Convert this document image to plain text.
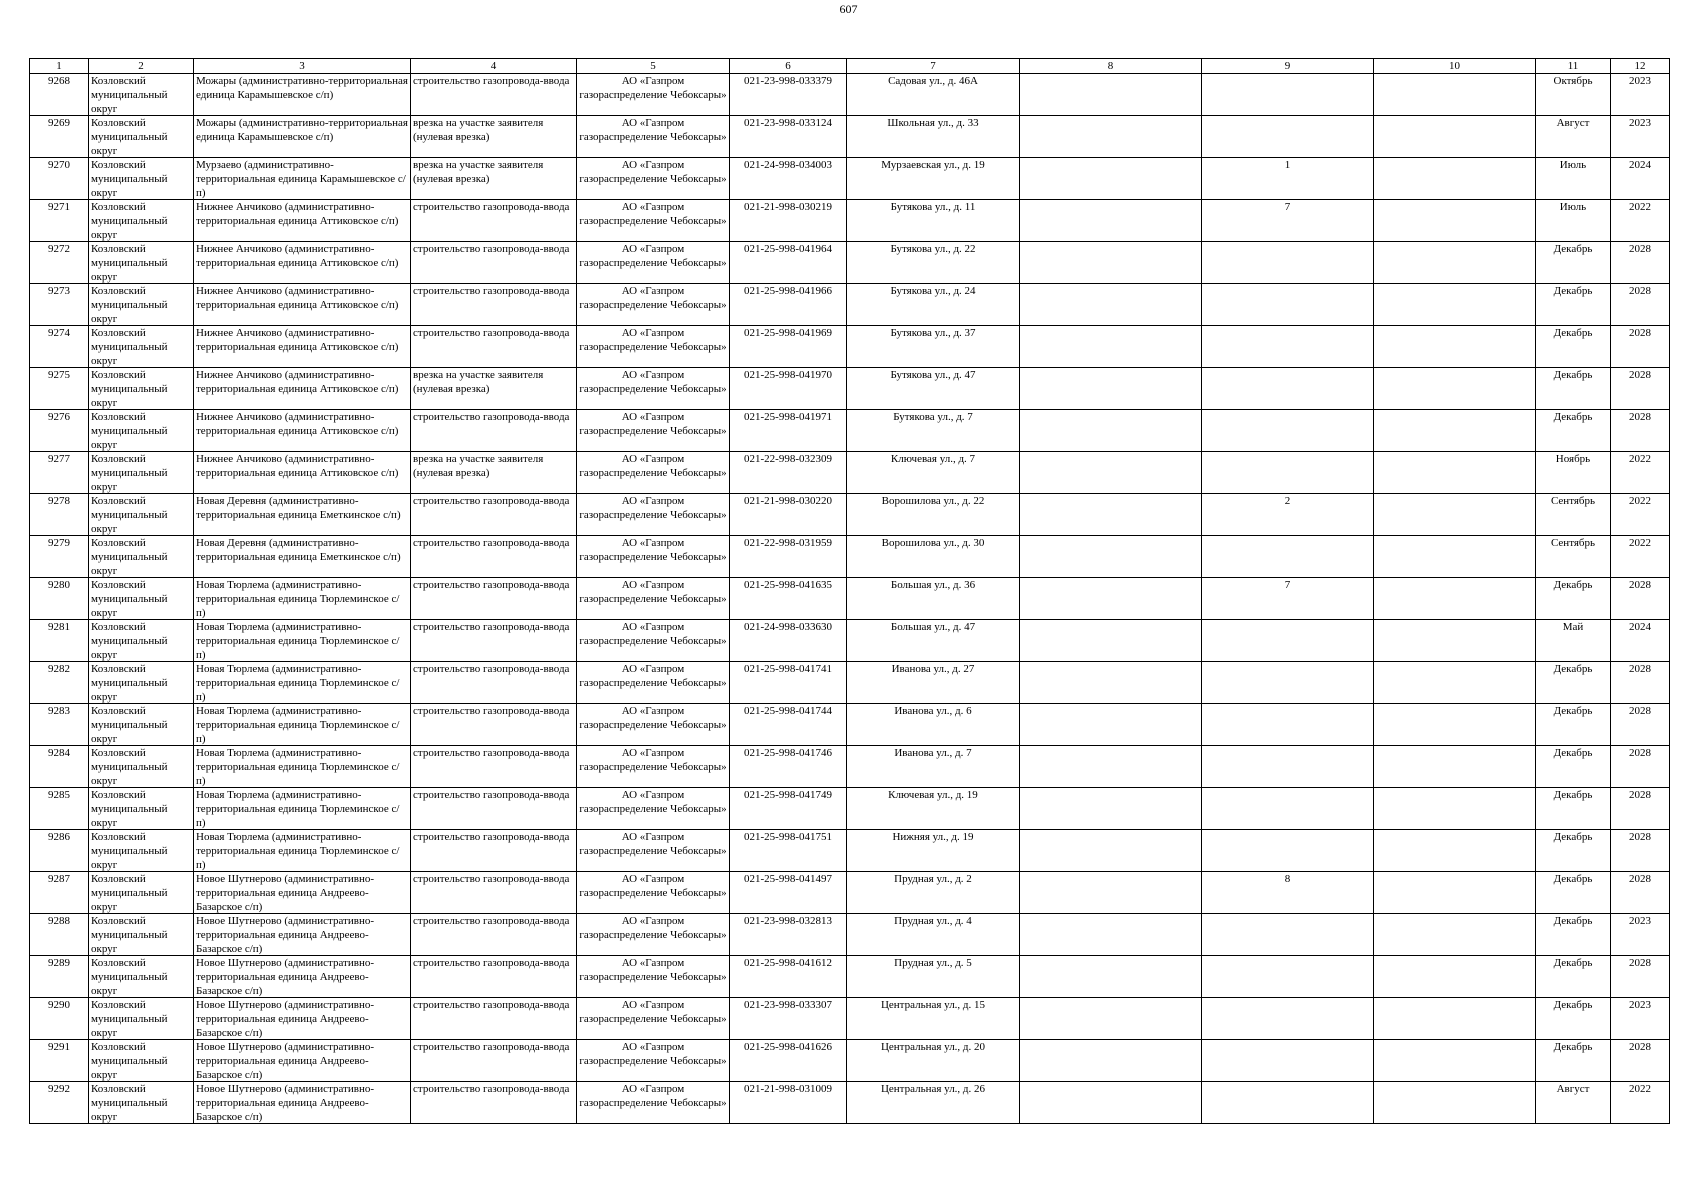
607
1	2	3	4	5	6	7	8	9	10	11	12

9268	Козловский муниципальный округ	Можары (административно-территориальная единица Карамышевское с/п)	строительство газопровода-ввода	АО «Газпром газораспределение Чебоксары»	021-23-998-033379	Садовая ул., д. 46А				Октябрь	2023

9269	Козловский муниципальный округ	Можары (административно-территориальная единица Карамышевское с/п)	врезка на участке заявителя (нулевая врезка)	АО «Газпром газораспределение Чебоксары»	021-23-998-033124	Школьная ул., д. 33				Август	2023

9270	Козловский муниципальный округ	Мурзаево (административно-территориальная единица Карамышевское с/п)	врезка на участке заявителя (нулевая врезка)	АО «Газпром газораспределение Чебоксары»	021-24-998-034003	Мурзаевская ул., д. 19		1		Июль	2024

9271	Козловский муниципальный округ	Нижнее Анчиково (административно-территориальная единица Аттиковское с/п)	строительство газопровода-ввода	АО «Газпром газораспределение Чебоксары»	021-21-998-030219	Бутякова ул., д. 11		7		Июль	2022

9272	Козловский муниципальный округ	Нижнее Анчиково (административно-территориальная единица Аттиковское с/п)	строительство газопровода-ввода	АО «Газпром газораспределение Чебоксары»	021-25-998-041964	Бутякова ул., д. 22				Декабрь	2028

9273	Козловский муниципальный округ	Нижнее Анчиково (административно-территориальная единица Аттиковское с/п)	строительство газопровода-ввода	АО «Газпром газораспределение Чебоксары»	021-25-998-041966	Бутякова ул., д. 24				Декабрь	2028

9274	Козловский муниципальный округ	Нижнее Анчиково (административно-территориальная единица Аттиковское с/п)	строительство газопровода-ввода	АО «Газпром газораспределение Чебоксары»	021-25-998-041969	Бутякова ул., д. 37				Декабрь	2028

9275	Козловский муниципальный округ	Нижнее Анчиково (административно-территориальная единица Аттиковское с/п)	врезка на участке заявителя (нулевая врезка)	АО «Газпром газораспределение Чебоксары»	021-25-998-041970	Бутякова ул., д. 47				Декабрь	2028

9276	Козловский муниципальный округ	Нижнее Анчиково (административно-территориальная единица Аттиковское с/п)	строительство газопровода-ввода	АО «Газпром газораспределение Чебоксары»	021-25-998-041971	Бутякова ул., д. 7				Декабрь	2028

9277	Козловский муниципальный округ	Нижнее Анчиково (административно-территориальная единица Аттиковское с/п)	врезка на участке заявителя (нулевая врезка)	АО «Газпром газораспределение Чебоксары»	021-22-998-032309	Ключевая ул., д. 7				Ноябрь	2022

9278	Козловский муниципальный округ	Новая Деревня (административно-территориальная единица Еметкинское с/п)	строительство газопровода-ввода	АО «Газпром газораспределение Чебоксары»	021-21-998-030220	Ворошилова ул., д. 22		2		Сентябрь	2022

9279	Козловский муниципальный округ	Новая Деревня (административно-территориальная единица Еметкинское с/п)	строительство газопровода-ввода	АО «Газпром газораспределение Чебоксары»	021-22-998-031959	Ворошилова ул., д. 30				Сентябрь	2022

9280	Козловский муниципальный округ	Новая Тюрлема (административно-территориальная единица Тюрлеминское с/п)	строительство газопровода-ввода	АО «Газпром газораспределение Чебоксары»	021-25-998-041635	Большая ул., д. 36		7		Декабрь	2028

9281	Козловский муниципальный округ	Новая Тюрлема (административно-территориальная единица Тюрлеминское с/п)	строительство газопровода-ввода	АО «Газпром газораспределение Чебоксары»	021-24-998-033630	Большая ул., д. 47				Май	2024

9282	Козловский муниципальный округ	Новая Тюрлема (административно-территориальная единица Тюрлеминское с/п)	строительство газопровода-ввода	АО «Газпром газораспределение Чебоксары»	021-25-998-041741	Иванова ул., д. 27				Декабрь	2028

9283	Козловский муниципальный округ	Новая Тюрлема (административно-территориальная единица Тюрлеминское с/п)	строительство газопровода-ввода	АО «Газпром газораспределение Чебоксары»	021-25-998-041744	Иванова ул., д. 6				Декабрь	2028

9284	Козловский муниципальный округ	Новая Тюрлема (административно-территориальная единица Тюрлеминское с/п)	строительство газопровода-ввода	АО «Газпром газораспределение Чебоксары»	021-25-998-041746	Иванова ул., д. 7				Декабрь	2028

9285	Козловский муниципальный округ	Новая Тюрлема (административно-территориальная единица Тюрлеминское с/п)	строительство газопровода-ввода	АО «Газпром газораспределение Чебоксары»	021-25-998-041749	Ключевая ул., д. 19				Декабрь	2028

9286	Козловский муниципальный округ	Новая Тюрлема (административно-территориальная единица Тюрлеминское с/п)	строительство газопровода-ввода	АО «Газпром газораспределение Чебоксары»	021-25-998-041751	Нижняя ул., д. 19				Декабрь	2028

9287	Козловский муниципальный округ	Новое Шутнерово (административно-территориальная единица Андреево-Базарское с/п)	строительство газопровода-ввода	АО «Газпром газораспределение Чебоксары»	021-25-998-041497	Прудная ул., д. 2		8		Декабрь	2028

9288	Козловский муниципальный округ	Новое Шутнерово (административно-территориальная единица Андреево-Базарское с/п)	строительство газопровода-ввода	АО «Газпром газораспределение Чебоксары»	021-23-998-032813	Прудная ул., д. 4				Декабрь	2023

9289	Козловский муниципальный округ	Новое Шутнерово (административно-территориальная единица Андреево-Базарское с/п)	строительство газопровода-ввода	АО «Газпром газораспределение Чебоксары»	021-25-998-041612	Прудная ул., д. 5				Декабрь	2028

9290	Козловский муниципальный округ	Новое Шутнерово (административно-территориальная единица Андреево-Базарское с/п)	строительство газопровода-ввода	АО «Газпром газораспределение Чебоксары»	021-23-998-033307	Центральная ул., д. 15				Декабрь	2023

9291	Козловский муниципальный округ	Новое Шутнерово (административно-территориальная единица Андреево-Базарское с/п)	строительство газопровода-ввода	АО «Газпром газораспределение Чебоксары»	021-25-998-041626	Центральная ул., д. 20				Декабрь	2028

9292	Козловский муниципальный округ	Новое Шутнерово (административно-территориальная единица Андреево-Базарское с/п)	строительство газопровода-ввода	АО «Газпром газораспределение Чебоксары»	021-21-998-031009	Центральная ул., д. 26				Август	2022
